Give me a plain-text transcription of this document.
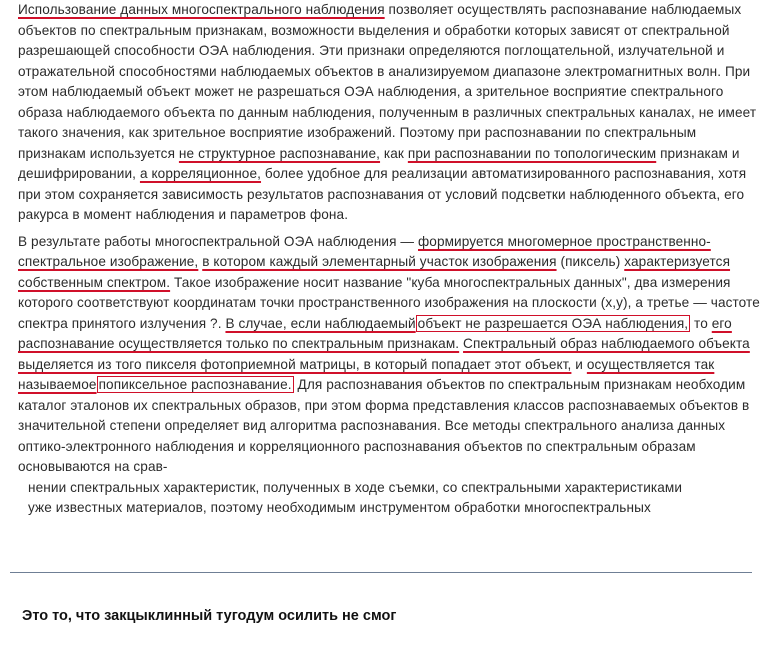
Использование данных многоспектрального наблюдения позволяет осуществлять распознавание наблюдаемых объектов по спектральным признакам, возможности выделения и обработки которых зависят от спектральной разрешающей способности ОЭА наблюдения. Эти признаки определяются поглощательной, излучательной и отражательной способностями наблюдаемых объектов в анализируемом диапазоне электромагнитных волн. При этом наблюдаемый объект может не разрешаться ОЭА наблюдения, а зрительное восприятие спектрального образа наблюдаемого объекта по данным наблюдения, полученным в различных спектральных каналах, не имеет такого значения, как зрительное восприятие изображений. Поэтому при распознавании по спектральным признакам используется не структурное распознавание, как при распознавании по топологическим признакам и дешифрировании, а корреляционное, более удобное для реализации автоматизированного распознавания, хотя при этом сохраняется зависимость результатов распознавания от условий подсветки наблюденного объекта, его ракурса в момент наблюдения и параметров фона.

В результате работы многоспектральной ОЭА наблюдения — формируется многомерное пространственно-спектральное изображение, в котором каждый элементарный участок изображения (пиксель) характеризуется собственным спектром. Такое изображение носит название "куба многоспектральных данных", два измерения которого соответствуют координатам точки пространственного изображения на плоскости (x,y), а третье — частоте спектра принятого излучения ?. В случае, если наблюдаемый объект не разрешается ОЭА наблюдения, то его распознавание осуществляется только по спектральным признакам. Спектральный образ наблюдаемого объекта выделяется из того пикселя фотоприемной матрицы, в который попадает этот объект, и осуществляется так называемое попиксельное распознавание. Для распознавания объектов по спектральным признакам необходим каталог эталонов их спектральных образов, при этом форма представления классов распознаваемых объектов в значительной степени определяет вид алгоритма распознавания. Все методы спектрального анализа данных оптико-электронного наблюдения и корреляционного распознавания объектов по спектральным образам основываются на срав-

нении спектральных характеристик, полученных в ходе съемки, со спектральными характеристиками

уже известных материалов, поэтому необходимым инструментом обработки многоспектральных

Это то, что закцыклинный тугодум осилить не смог
